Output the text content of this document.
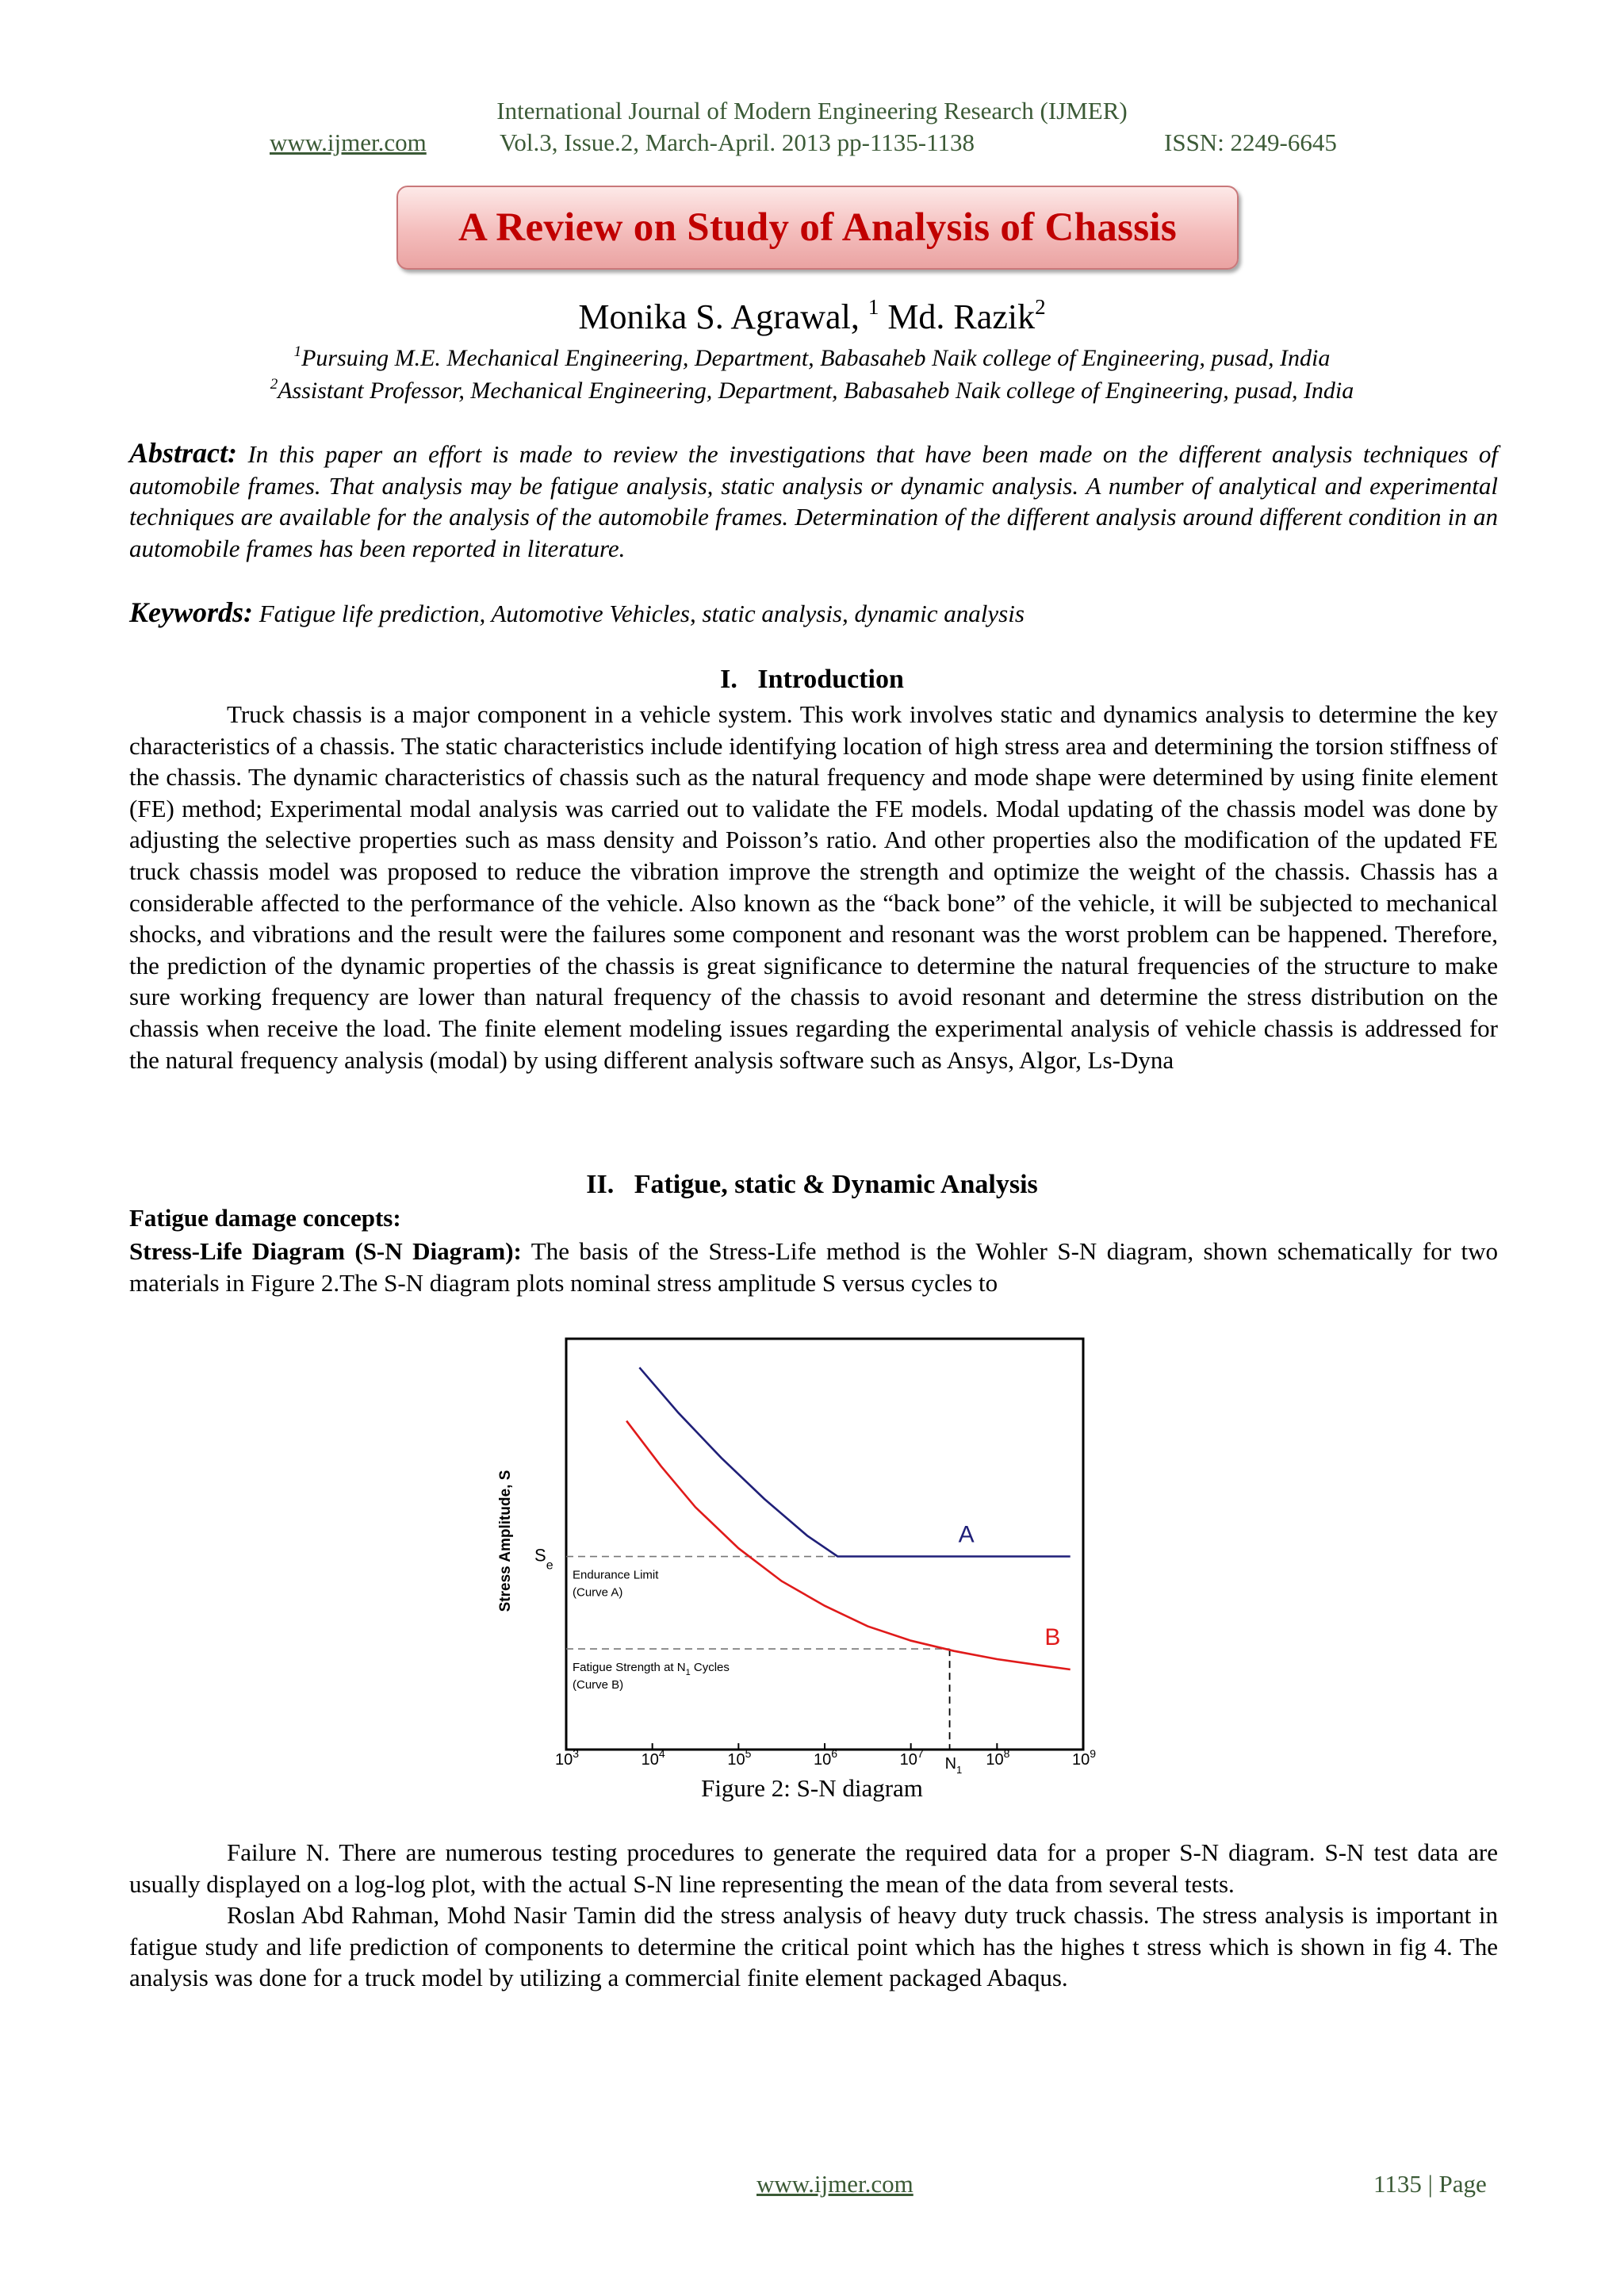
International Journal of Modern Engineering Research (IJMER)
www.ijmer.com	Vol.3, Issue.2, March-April. 2013 pp-1135-1138	ISSN: 2249-6645
A Review on Study of Analysis of Chassis
Monika S. Agrawal, $^1$ Md. Razik$^2$
$^1$Pursuing M.E. Mechanical Engineering, Department, Babasaheb Naik college of Engineering, pusad, India
$^2$Assistant Professor, Mechanical Engineering, Department, Babasaheb Naik college of Engineering, pusad, India

Abstract: In this paper an effort is made to review the investigations that have been made on the different analysis techniques of automobile frames. That analysis may be fatigue analysis, static analysis or dynamic analysis. A number of analytical and experimental techniques are available for the analysis of the automobile frames. Determination of the different analysis around different condition in an automobile frames has been reported in literature.

Keywords: Fatigue life prediction, Automotive Vehicles, static analysis, dynamic analysis

I.   Introduction

Truck chassis is a major component in a vehicle system. This work involves static and dynamics analysis to determine the key characteristics of a chassis. The static characteristics include identifying location of high stress area and determining the torsion stiffness of the chassis. The dynamic characteristics of chassis such as the natural frequency and mode shape were determined by using finite element (FE) method; Experimental modal analysis was carried out to validate the FE models. Modal updating of the chassis model was done by adjusting the selective properties such as mass density and Poisson’s ratio. And other properties also the modification of the updated FE truck chassis model was proposed to reduce the vibration improve the strength and optimize the weight of the chassis. Chassis has a considerable affected to the performance of the vehicle. Also known as the “back bone” of the vehicle, it will be subjected to mechanical shocks, and vibrations and the result were the failures some component and resonant was the worst problem can be happened. Therefore, the prediction of the dynamic properties of the chassis is great significance to determine the natural frequencies of the structure to make sure working frequency are lower than natural frequency of the chassis to avoid resonant and determine the stress distribution on the chassis when receive the load. The finite element modeling issues regarding the experimental analysis of vehicle chassis is addressed for the natural frequency analysis (modal) by using different analysis software such as Ansys, Algor, Ls-Dyna

II.   Fatigue, static & Dynamic Analysis
Fatigue damage concepts:

Stress-Life Diagram (S-N Diagram): The basis of the Stress-Life method is the Wohler S-N diagram, shown schematically for two materials in Figure 2.The S-N diagram plots nominal stress amplitude S versus cycles to

Stress Amplitude, S	A
B
$S_e$
Endurance Limit
(Curve A)
Fatigue Strength at $N_1$ Cycles
(Curve B)
$10^3$	$10^4$	$10^5$	$10^6$	$10^7$	$10^8$	$10^9$
$N_1$
Figure 2: S-N diagram

Failure N. There are numerous testing procedures to generate the required data for a proper S-N diagram. S-N test data are usually displayed on a log-log plot, with the actual S-N line representing the mean of the data from several tests.

Roslan Abd Rahman, Mohd Nasir Tamin did the stress analysis of heavy duty truck chassis. The stress analysis is important in fatigue study and life prediction of components to determine the critical point which has the highes t stress which is shown in fig 4. The analysis was done for a truck model by utilizing a commercial finite element packaged Abaqus.

www.ijmer.com	1135 | Page
